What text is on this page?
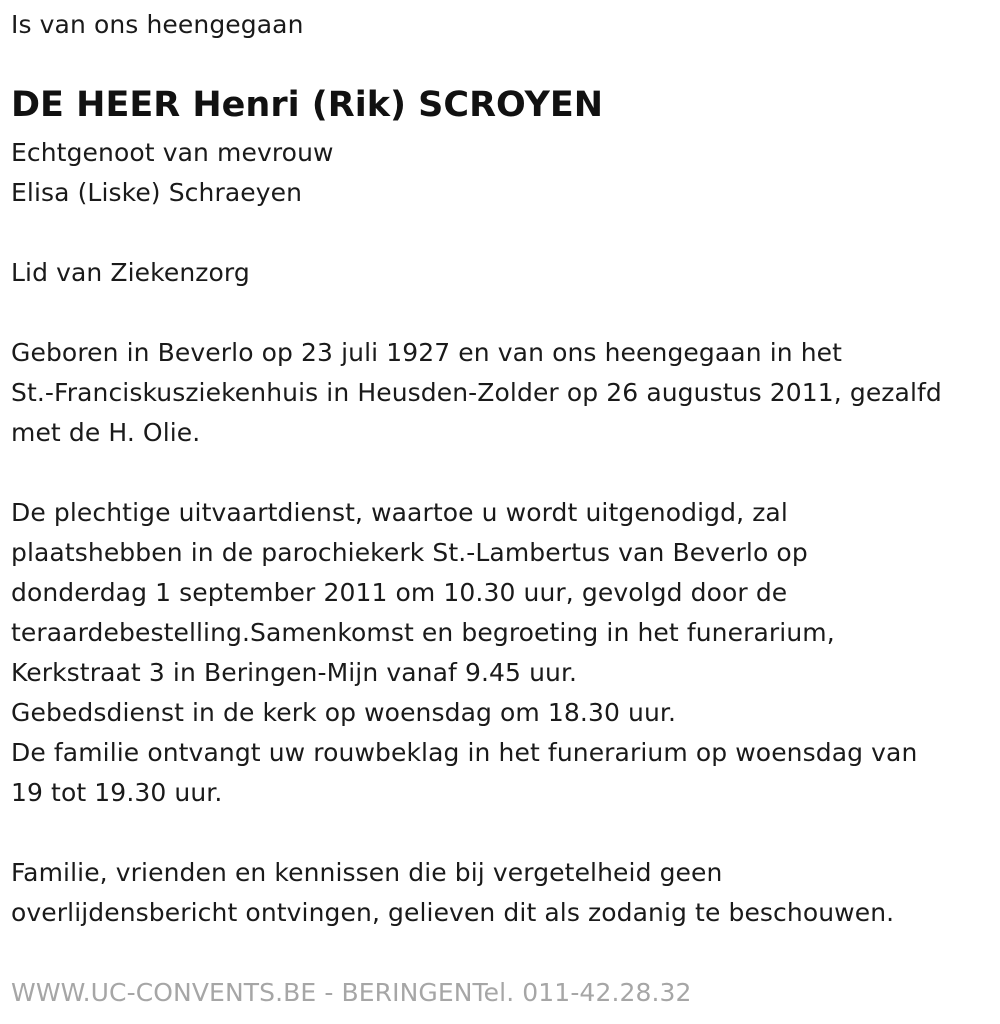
Is van ons heengegaan
DE HEER Henri (Rik) SCROYEN
Echtgenoot van mevrouw
Elisa (Liske) Schraeyen
Lid van Ziekenzorg
Geboren in Beverlo op 23 juli 1927 en van ons heengegaan in het
St.-Franciskusziekenhuis in Heusden-Zolder op 26 augustus 2011, gezalfd
met de H. Olie.
De plechtige uitvaartdienst, waartoe u wordt uitgenodigd, zal
plaatshebben in de parochiekerk St.-Lambertus van Beverlo op
donderdag 1 september 2011 om 10.30 uur, gevolgd door de
teraardebestelling.Samenkomst en begroeting in het funerarium,
Kerkstraat 3 in Beringen-Mijn vanaf 9.45 uur.
Gebedsdienst in de kerk op woensdag om 18.30 uur.
De familie ontvangt uw rouwbeklag in het funerarium op woensdag van
19 tot 19.30 uur.
Familie, vrienden en kennissen die bij vergetelheid geen
overlijdensbericht ontvingen, gelieven dit als zodanig te beschouwen.
WWW.UC-CONVENTS.BE - BERINGENTel. 011-42.28.32
